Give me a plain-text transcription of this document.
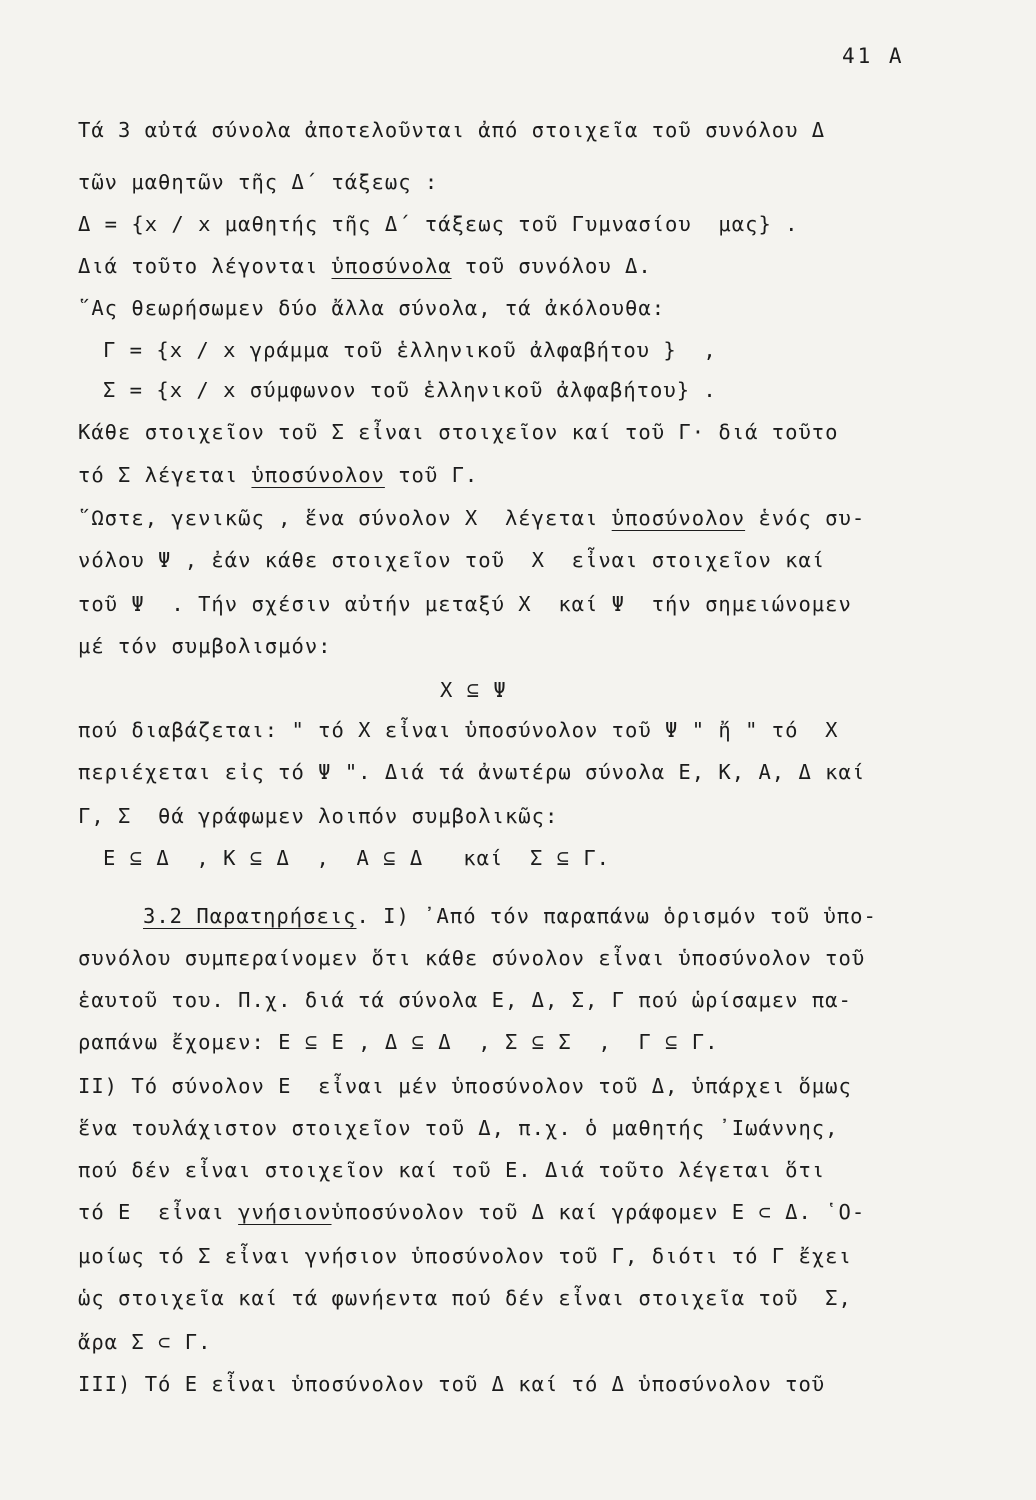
41 Α
Τά 3 αὐτά σύνολα ἀποτελοῦνται ἀπό στοιχεῖα τοῦ συνόλου Δ
τῶν μαθητῶν τῆς Δ΄ τάξεως :
Δ = {x / x μαθητής τῆς Δ΄ τάξεως τοῦ Γυμνασίου  μας} .
Διά τοῦτο λέγονται ὑποσύνολα τοῦ συνόλου Δ.
῞Ας θεωρήσωμεν δύο ἄλλα σύνολα, τά ἀκόλουθα:
Γ = {x / x γράμμα τοῦ ἑλληνικοῦ ἀλφαβήτου }  ,
Σ = {x / x σύμφωνον τοῦ ἑλληνικοῦ ἀλφαβήτου} .
Κάθε στοιχεῖον τοῦ Σ εἶναι στοιχεῖον καί τοῦ Γ· διά τοῦτο
τό Σ λέγεται ὑποσύνολον τοῦ Γ.
῞Ωστε, γενικῶς , ἕνα σύνολον Χ  λέγεται ὑποσύνολον ἑνός συ-
νόλου Ψ , ἐάν κάθε στοιχεῖον τοῦ  Χ  εἶναι στοιχεῖον καί
τοῦ Ψ  . Τήν σχέσιν αὐτήν μεταξύ Χ  καί Ψ  τήν σημειώνομεν
μέ τόν συμβολισμόν:
Χ ⊆ Ψ
πού διαβάζεται: " τό Χ εἶναι ὑποσύνολον τοῦ Ψ " ἤ " τό  Χ
περιέχεται εἰς τό Ψ ". Διά τά ἀνωτέρω σύνολα Ε, Κ, Α, Δ καί
Γ, Σ  θά γράφωμεν λοιπόν συμβολικῶς:
Ε ⊆ Δ  , Κ ⊆ Δ  ,  Α ⊆ Δ   καί  Σ ⊆ Γ.
3.2 Παρατηρήσεις. Ι) ᾿Από τόν παραπάνω ὁρισμόν τοῦ ὑπο-
συνόλου συμπεραίνομεν ὅτι κάθε σύνολον εἶναι ὑποσύνολον τοῦ
ἑαυτοῦ του. Π.χ. διά τά σύνολα Ε, Δ, Σ, Γ πού ὡρίσαμεν πα-
ραπάνω ἔχομεν: Ε ⊆ Ε , Δ ⊆ Δ  , Σ ⊆ Σ  ,  Γ ⊆ Γ.
ΙΙ) Τό σύνολον Ε  εἶναι μέν ὑποσύνολον τοῦ Δ, ὑπάρχει ὅμως
ἕνα τουλάχιστον στοιχεῖον τοῦ Δ, π.χ. ὁ μαθητής ᾿Ιωάννης,
πού δέν εἶναι στοιχεῖον καί τοῦ Ε. Διά τοῦτο λέγεται ὅτι
τό Ε  εἶναι γνήσιονὑποσύνολον τοῦ Δ καί γράφομεν Ε ⊂ Δ. ῾Ο-
μοίως τό Σ εἶναι γνήσιον ὑποσύνολον τοῦ Γ, διότι τό Γ ἔχει
ὡς στοιχεῖα καί τά φωνήεντα πού δέν εἶναι στοιχεῖα τοῦ  Σ,
ἄρα Σ ⊂ Γ.
ΙΙΙ) Τό Ε εἶναι ὑποσύνολον τοῦ Δ καί τό Δ ὑποσύνολον τοῦ
